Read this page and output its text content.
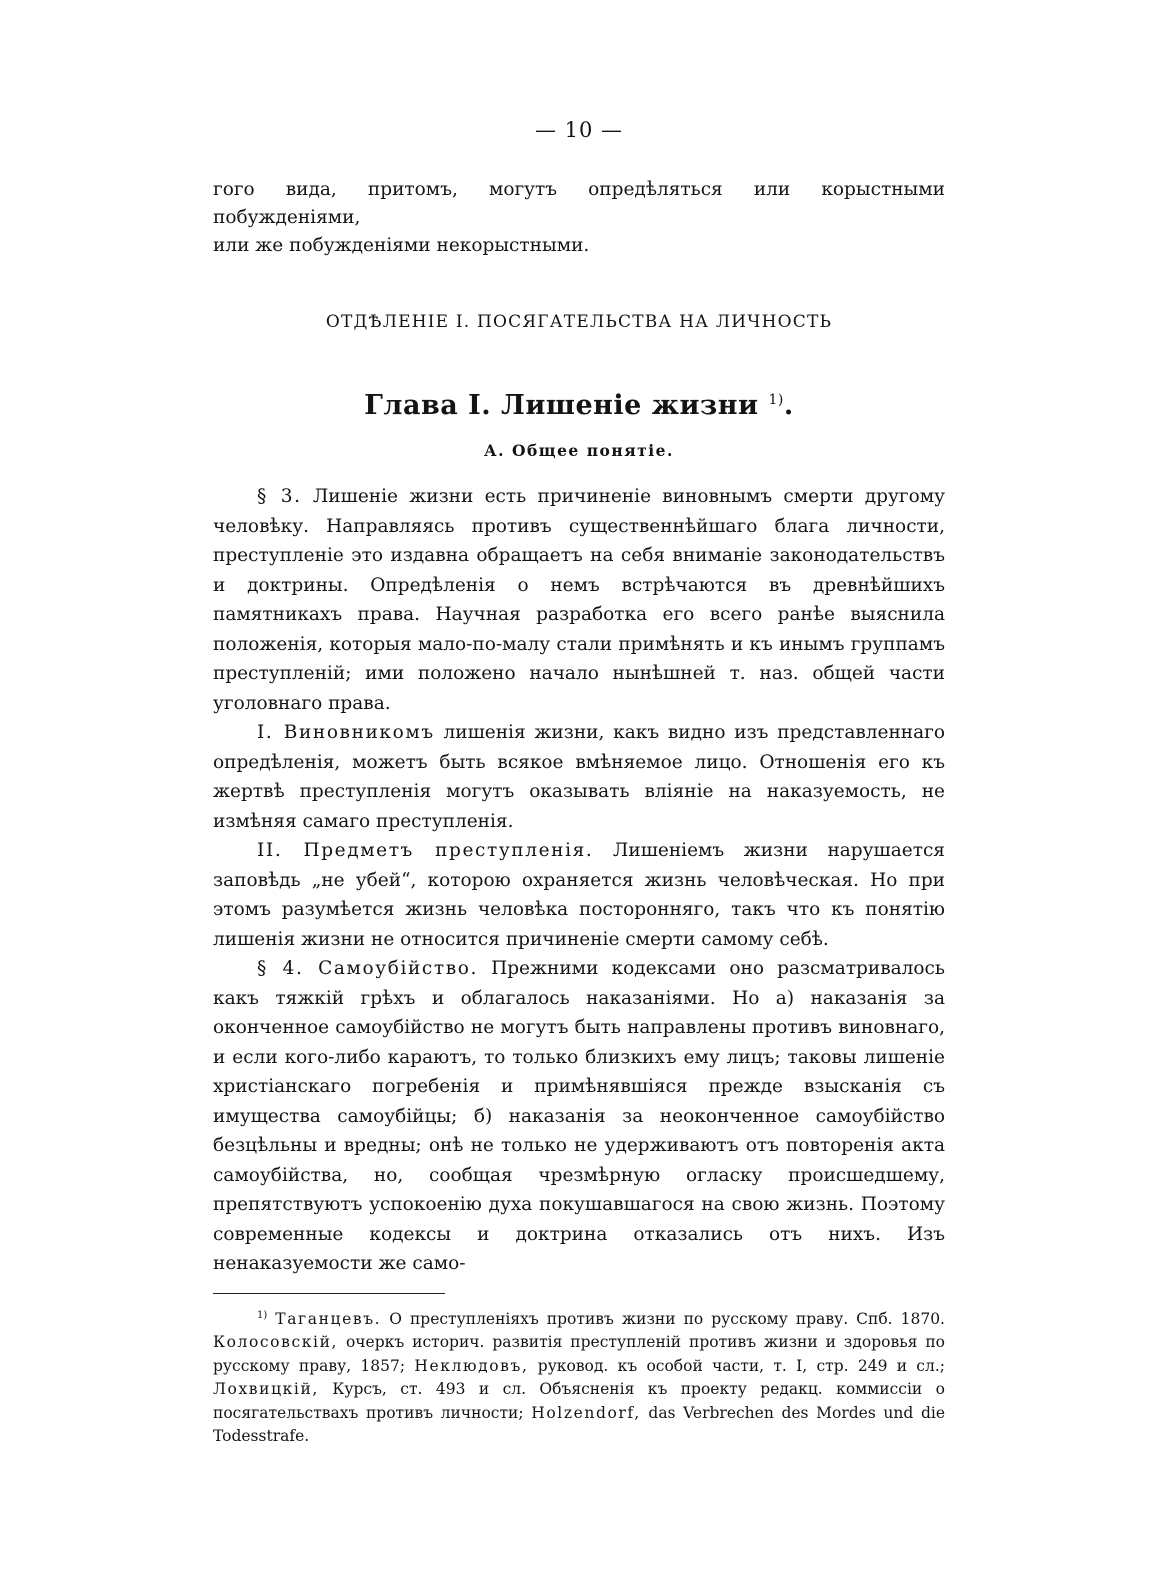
— 10 —

гого вида, притомъ, могутъ опредѣляться или корыстными побужденіями,
или же побужденіями некорыстными.

ОТДѢЛЕНІЕ I. ПОСЯГАТЕЛЬСТВА НА ЛИЧНОСТЬ
Глава I. Лишеніе жизни $^{1)}$.
А. Общее понятіе.

§ 3. Лишеніе жизни есть причиненіе виновнымъ смерти другому человѣку. Направляясь противъ существеннѣйшаго блага личности, преступленіе это издавна обращаетъ на себя вниманіе законодательствъ и доктрины. Опредѣленія о немъ встрѣчаются въ древнѣйшихъ памятникахъ права. Научная разработка его всего ранѣе выяснила положенія, которыя мало-по-малу стали примѣнять и къ инымъ группамъ преступленій; ими положено начало нынѣшней т. наз. общей части уголовнаго права.

I. Виновникомъ лишенія жизни, какъ видно изъ представленнаго опредѣленія, можетъ быть всякое вмѣняемое лицо. Отношенія его къ жертвѣ преступленія могутъ оказывать вліяніе на наказуемость, не измѣняя самаго преступленія.

II. Предметъ преступленія. Лишеніемъ жизни нарушается заповѣдь „не убей“, которою охраняется жизнь человѣческая. Но при этомъ разумѣется жизнь человѣка посторонняго, такъ что къ понятію лишенія жизни не относится причиненіе смерти самому себѣ.

§ 4. Самоубійство. Прежними кодексами оно разсматривалось какъ тяжкій грѣхъ и облагалось наказаніями. Но а) наказанія за оконченное самоубійство не могутъ быть направлены противъ виновнаго, и если кого-либо караютъ, то только близкихъ ему лицъ; таковы лишеніе христіанскаго погребенія и примѣнявшіяся прежде взысканія съ имущества самоубійцы; б) наказанія за неоконченное самоубійство безцѣльны и вредны; онѣ не только не удерживаютъ отъ повторенія акта самоубійства, но, сообщая чрезмѣрную огласку происшедшему, препятствуютъ успокоенію духа покушавшагося на свою жизнь. Поэтому современные кодексы и доктрина отказались отъ нихъ. Изъ ненаказуемости же само-

$^{1)}$ Таганцевъ. О преступленіяхъ противъ жизни по русскому праву. Спб. 1870. Колосовскій, очеркъ историч. развитія преступленій противъ жизни и здоровья по русскому праву, 1857; Неклюдовъ, руковод. къ особой части, т. I, стр. 249 и сл.; Лохвицкій, Курсъ, ст. 493 и сл. Объясненія къ проекту редакц. коммиссіи о посягательствахъ противъ личности; Holzendorf, das Verbrechen des Mordes und die Todesstrafe.
